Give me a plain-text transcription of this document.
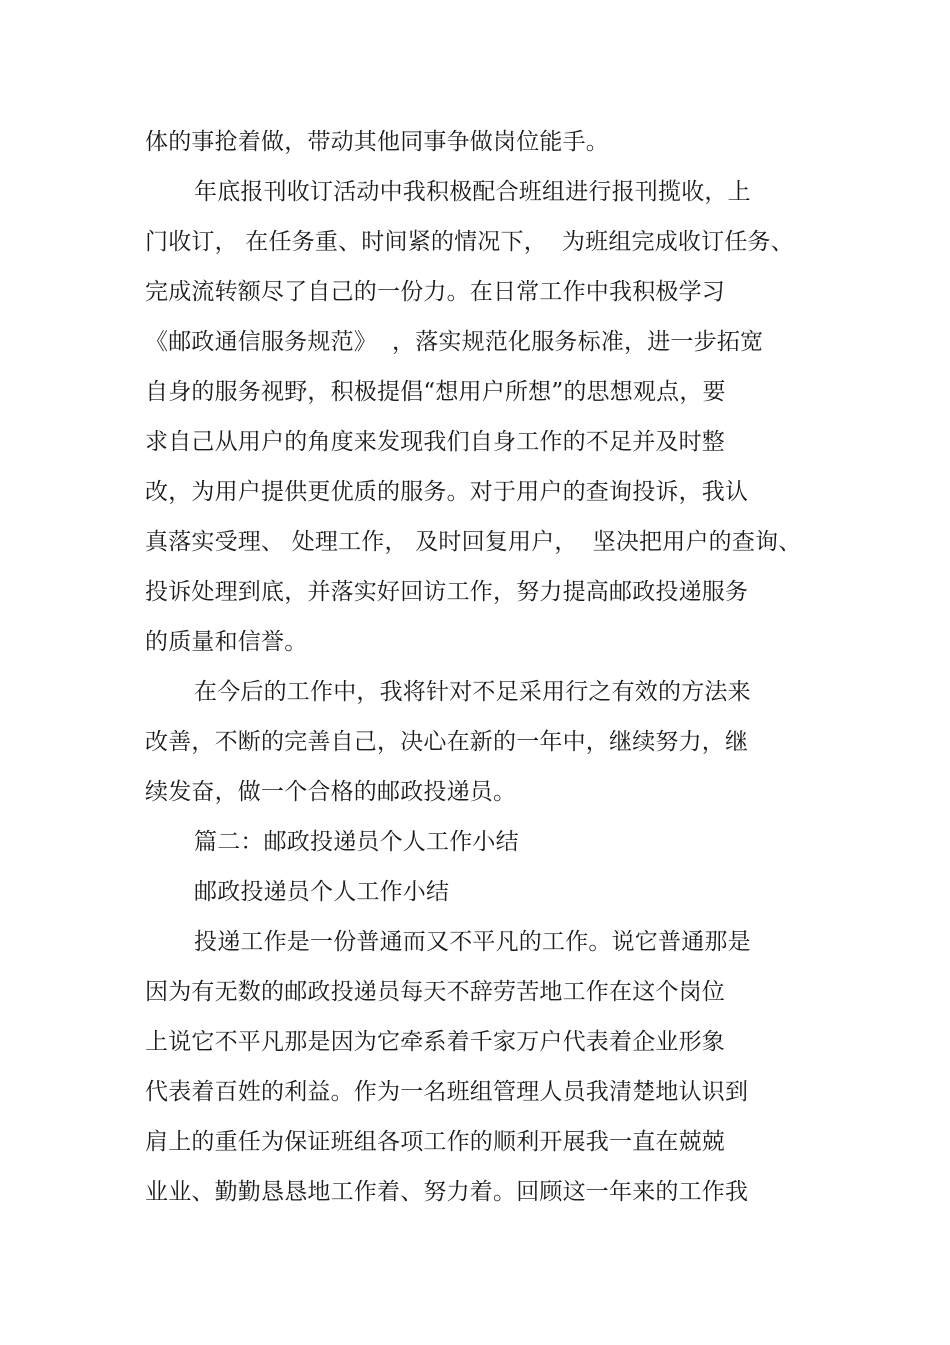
体的事抢着做，带动其他同事争做岗位能手。
年底报刊收订活动中我积极配合班组进行报刊揽收，上
门收订， 在任务重、时间紧的情况下，  为班组完成收订任务、
完成流转额尽了自己的一份力。在日常工作中我积极学习
《邮政通信服务规范》  ，落实规范化服务标准，进一步拓宽
自身的服务视野，积极提倡“想用户所想”的思想观点，要
求自己从用户的角度来发现我们自身工作的不足并及时整
改，为用户提供更优质的服务。对于用户的查询投诉，我认
真落实受理、 处理工作， 及时回复用户，  坚决把用户的查询、
投诉处理到底，并落实好回访工作，努力提高邮政投递服务
的质量和信誉。
在今后的工作中，我将针对不足采用行之有效的方法来
改善，不断的完善自己，决心在新的一年中，继续努力，继
续发奋，做一个合格的邮政投递员。
篇二：邮政投递员个人工作小结
邮政投递员个人工作小结
投递工作是一份普通而又不平凡的工作。说它普通那是
因为有无数的邮政投递员每天不辞劳苦地工作在这个岗位
上说它不平凡那是因为它牵系着千家万户代表着企业形象
代表着百姓的利益。作为一名班组管理人员我清楚地认识到
肩上的重任为保证班组各项工作的顺利开展我一直在兢兢
业业、勤勤恳恳地工作着、努力着。回顾这一年来的工作我
